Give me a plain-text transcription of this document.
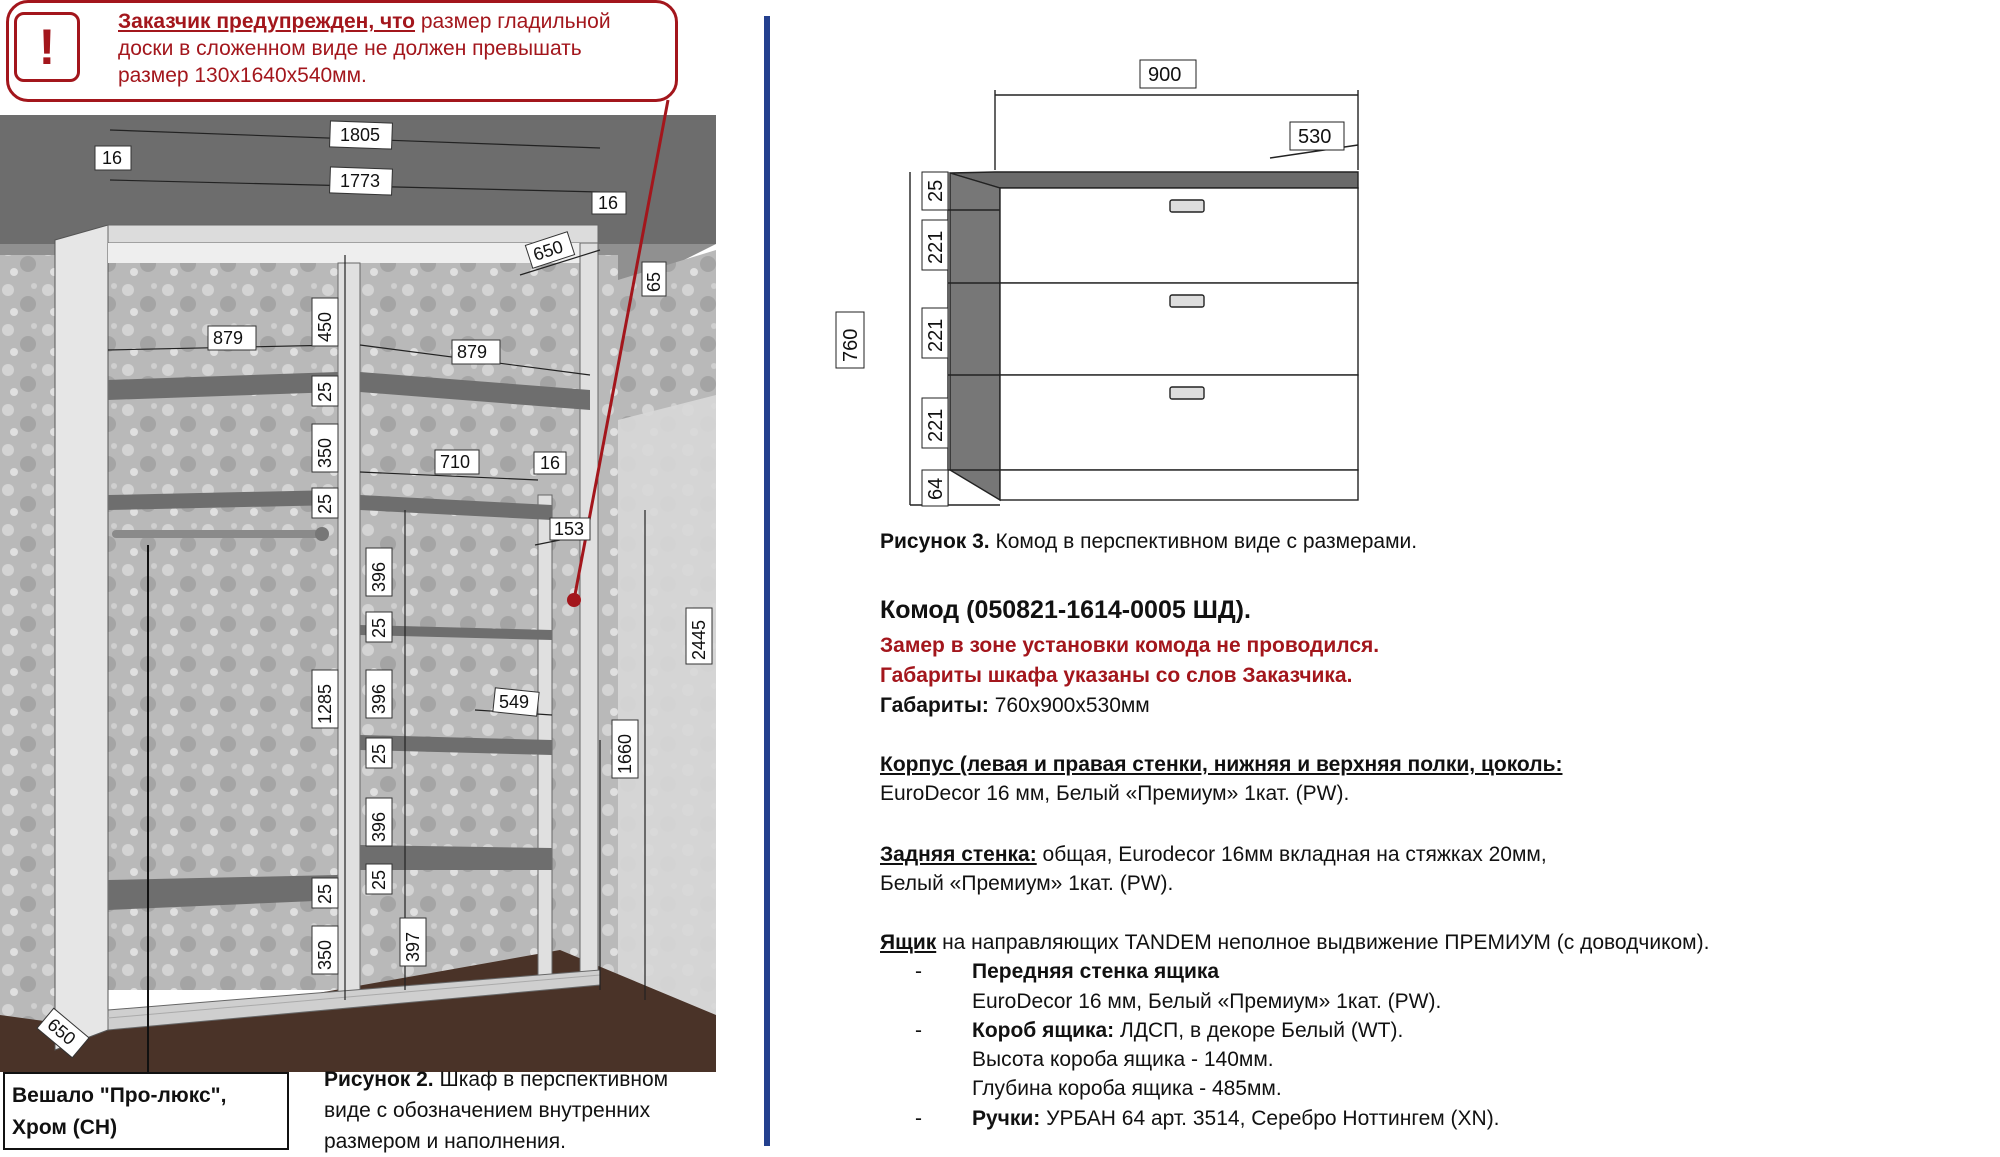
1805
16
1773
16
650
65
879
879
450
25
350	710	16
25
153
396
25	2445
549
1285 396
25	1660
396
25
25
397
350
650
!	Заказчик предупрежден, что размер гладильной доски в сложенном виде не должен превышать размер 130х1640х540мм.
Вешало "Про-люкс",
Хром (CH)
Рисунок 2. Шкаф в перспективном
виде с обозначением внутренних
размером и наполнения.
900
530
760
25
221
221
221
64
Рисунок 3. Комод в перспективном виде с размерами.
Комод (050821-1614-0005 ШД).
Замер в зоне установки комода не проводился.
Габариты шкафа указаны со слов Заказчика.
Габариты: 760х900х530мм
Корпус (левая и правая стенки, нижняя и верхняя полки, цоколь:
EuroDecor 16 мм, Белый «Премиум» 1кат. (PW).
Задняя стенка: общая, Eurodecor 16мм вкладная на стяжках 20мм,
Белый «Премиум» 1кат. (PW).
Ящик на направляющих TANDEM неполное выдвижение ПРЕМИУМ (с доводчиком).
- Передняя стенка ящика
EuroDecor 16 мм, Белый «Премиум» 1кат. (PW).
- Короб ящика: ЛДСП, в декоре Белый (WT).
Высота короба ящика - 140мм.
Глубина короба ящика - 485мм.
- Ручки: УРБАН 64 арт. 3514, Серебро Ноттингем (XN).
